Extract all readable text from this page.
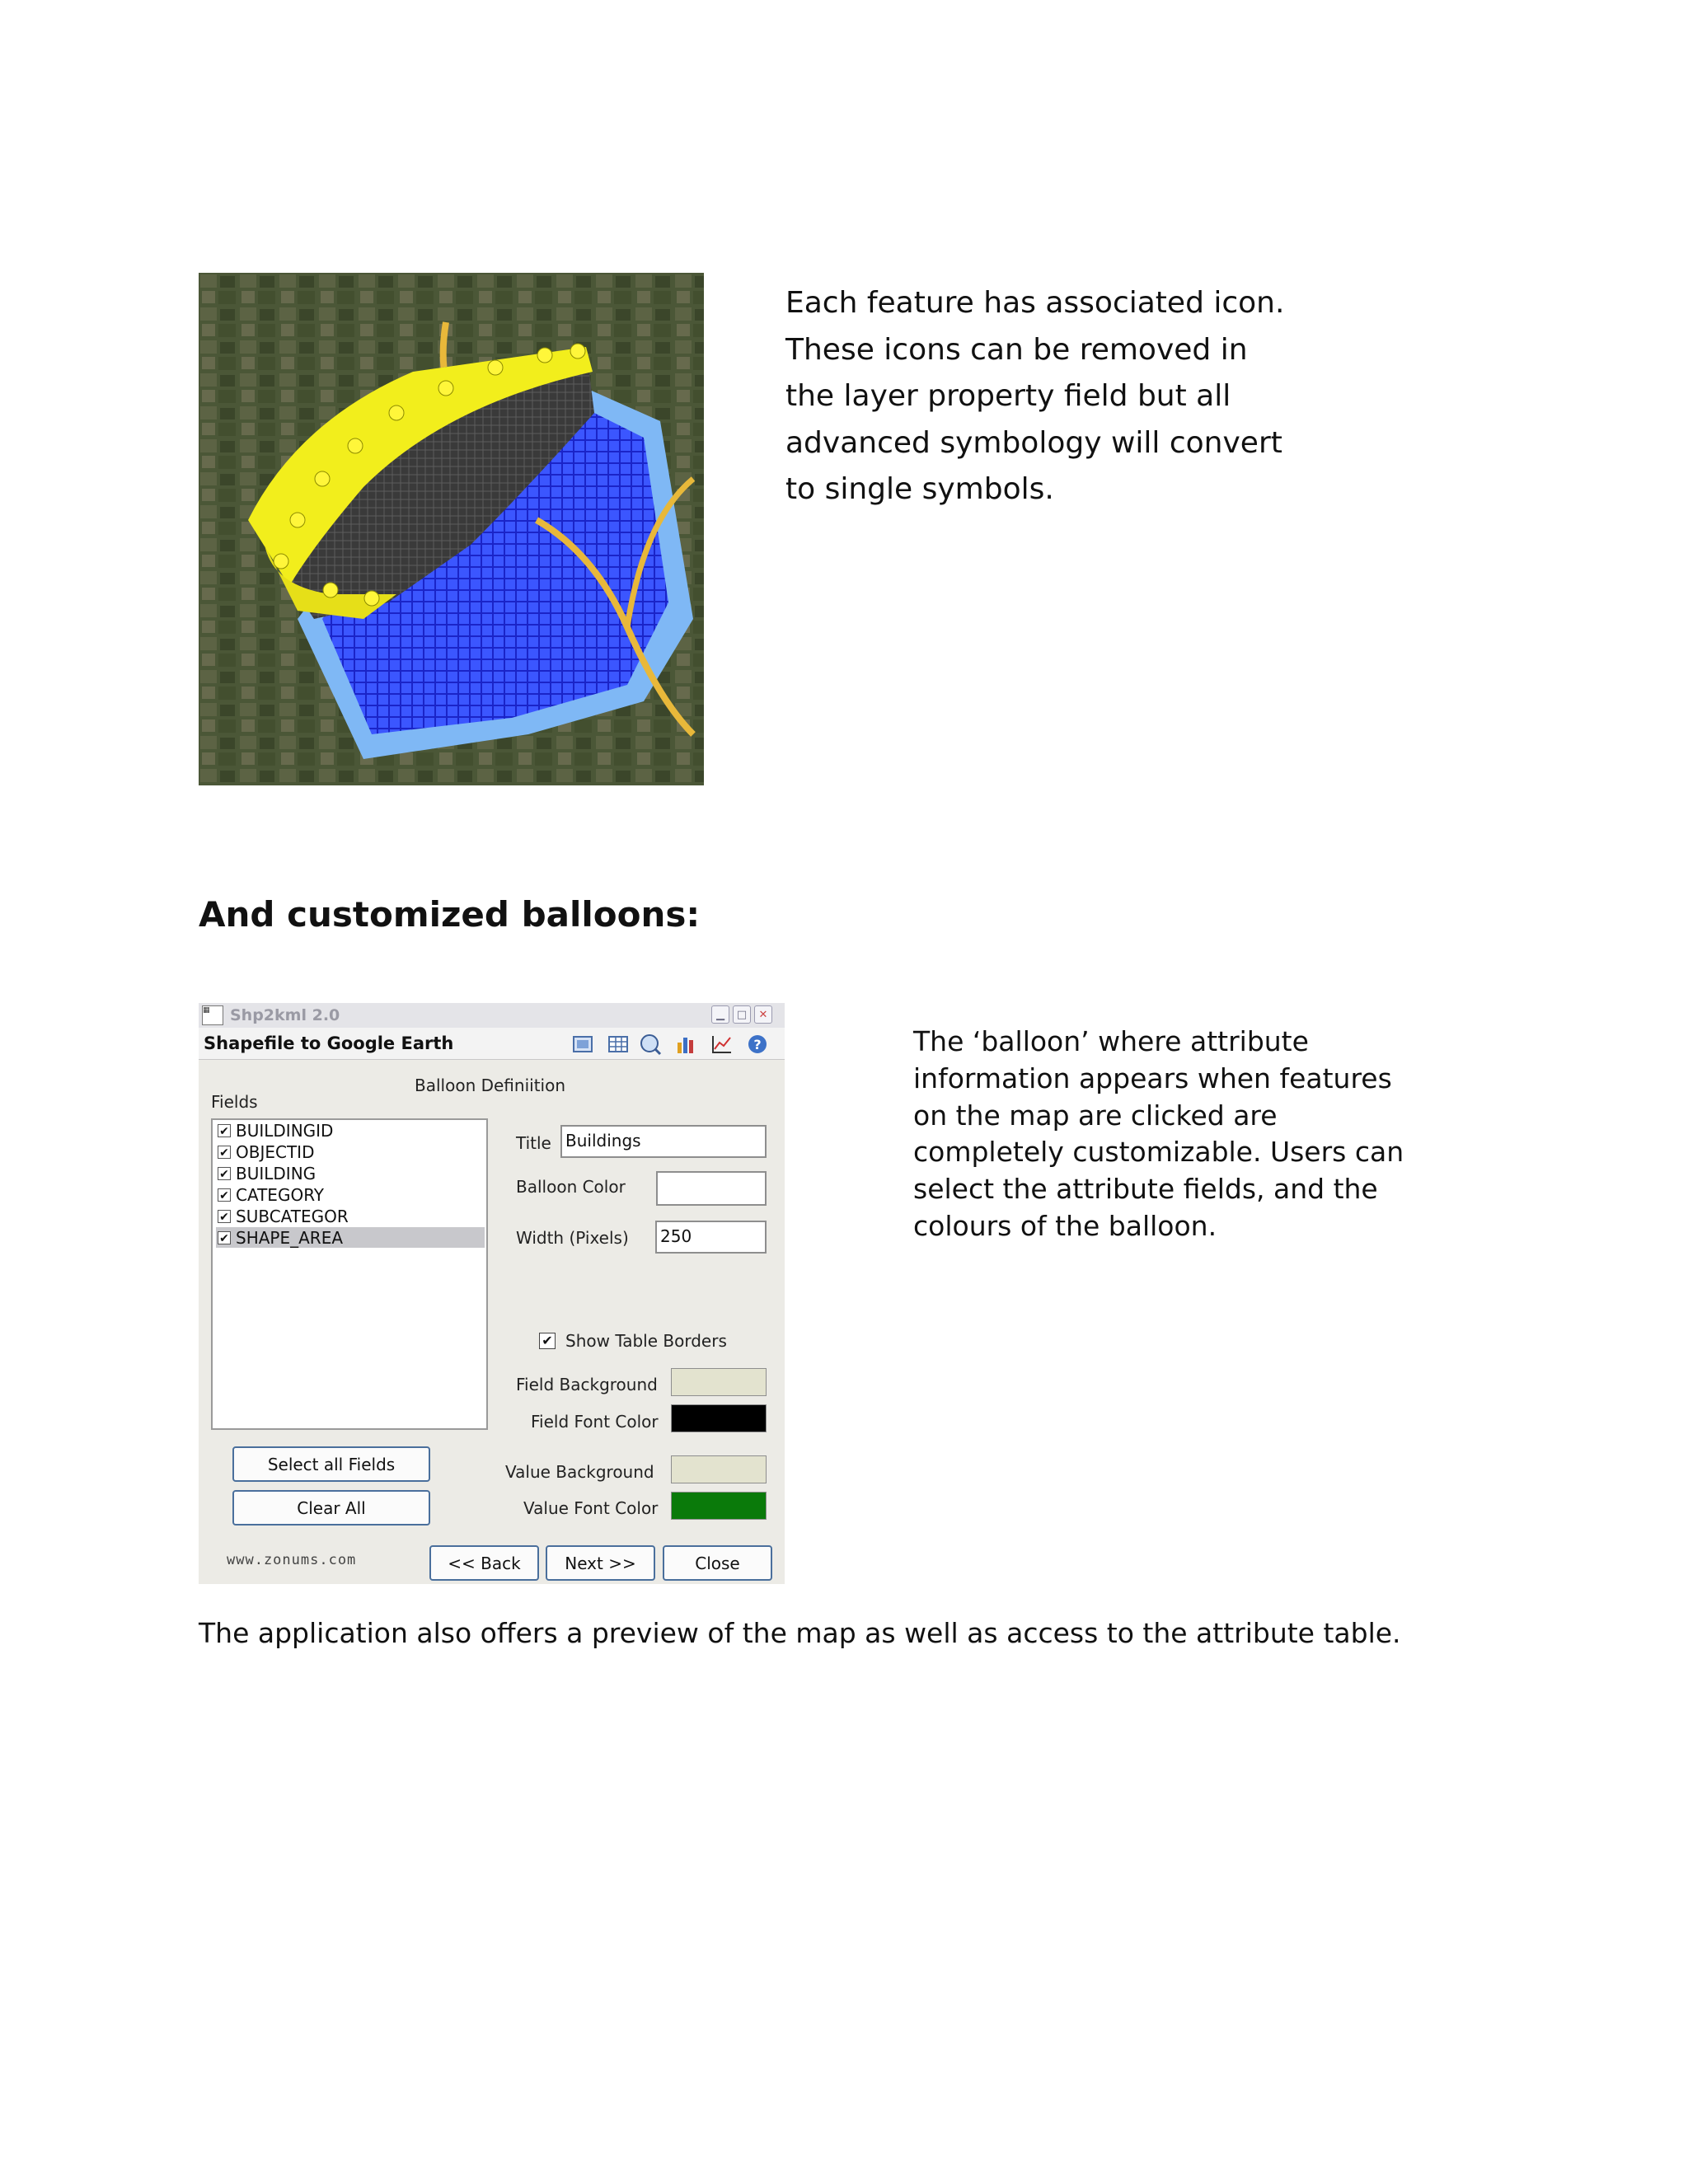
Each feature has associated icon. These icons can be removed in the layer property field but all advanced symbology will convert to single symbols.
And customized balloons:
▦	Shp2kml 2.0	▁	□	✕
Shapefile to Google Earth	?
Balloon Definiition
Fields
✔ BUILDINGID
✔ OBJECTID
✔ BUILDING
✔ CATEGORY
✔ SUBCATEGOR
✔ SHAPE_AREA
Title Buildings
Balloon Color
Width (Pixels)	250
✔ Show Table Borders
Field Background
Field Font Color
Value Background
Value Font Color
Select all Fields
Clear All
www.zonums.com	<< Back	Next >>	Close
The ‘balloon’ where attribute information appears when features on the map are clicked are completely customizable. Users can select the attribute fields, and the colours of the balloon.
The application also offers a preview of the map as well as access to the attribute table.
